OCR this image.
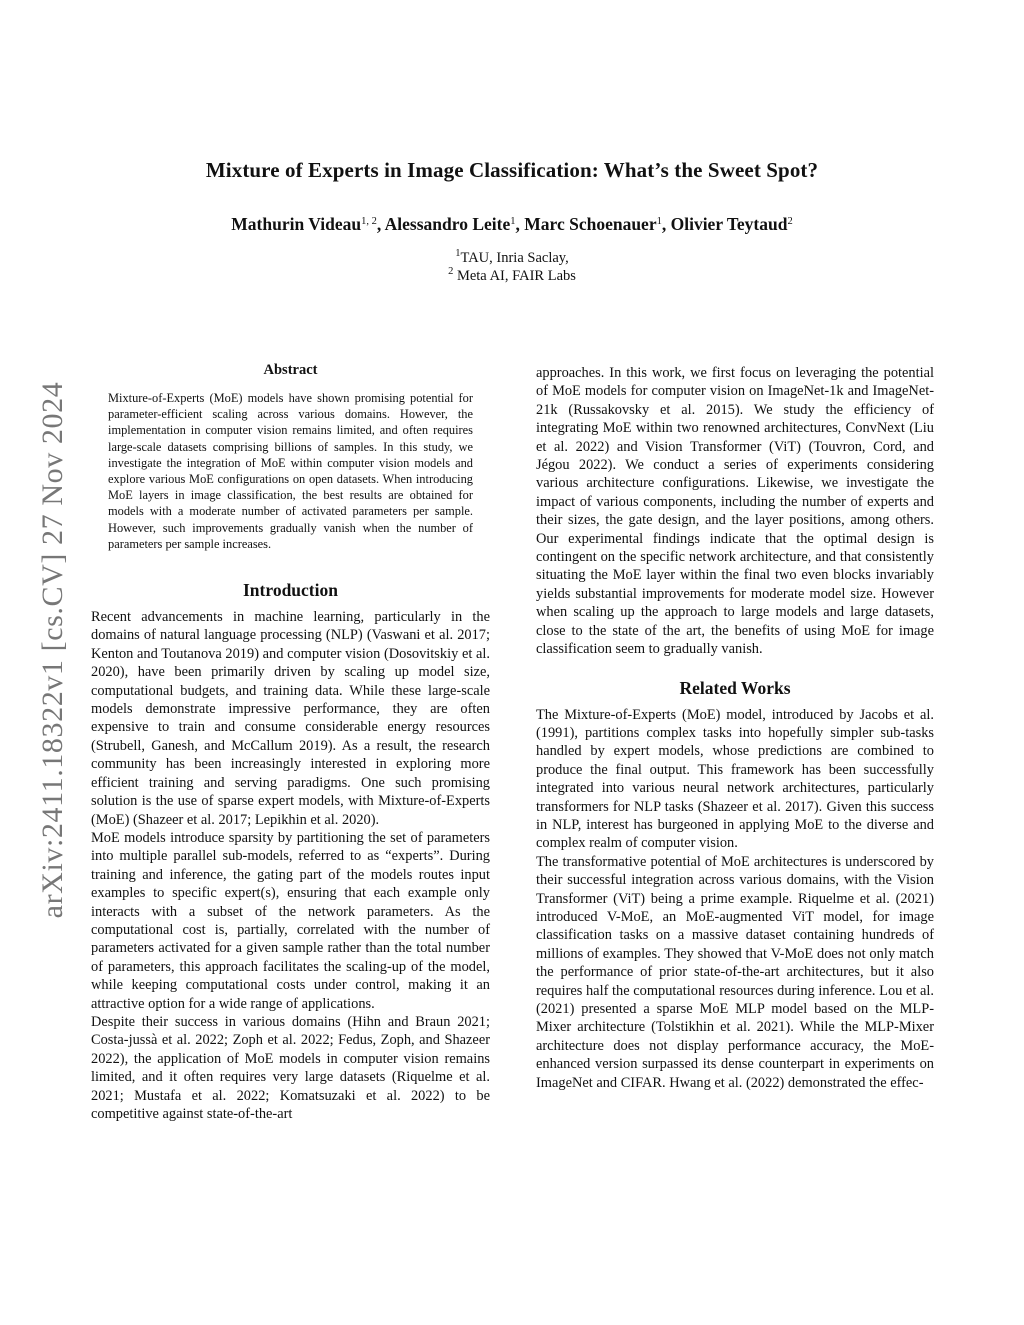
arXiv:2411.18322v1 [cs.CV] 27 Nov 2024
Mixture of Experts in Image Classification: What’s the Sweet Spot?
Mathurin Videau$^{1, 2}$, Alessandro Leite$^1$, Marc Schoenauer$^1$, Olivier Teytaud$^2$
$^1$TAU, Inria Saclay,
$^2$ Meta AI, FAIR Labs
Abstract

Mixture-of-Experts (MoE) models have shown promising potential for parameter-efficient scaling across various domains. However, the implementation in computer vision remains limited, and often requires large-scale datasets comprising billions of samples. In this study, we investigate the integration of MoE within computer vision models and explore various MoE configurations on open datasets. When introducing MoE layers in image classification, the best results are obtained for models with a moderate number of activated parameters per sample. However, such improvements gradually vanish when the number of parameters per sample increases.

Introduction

Recent advancements in machine learning, particularly in the domains of natural language processing (NLP) (Vaswani et al. 2017; Kenton and Toutanova 2019) and computer vision (Dosovitskiy et al. 2020), have been primarily driven by scaling up model size, computational budgets, and training data. While these large-scale models demonstrate impressive performance, they are often expensive to train and consume considerable energy resources (Strubell, Ganesh, and McCallum 2019). As a result, the research community has been increasingly interested in exploring more efficient training and serving paradigms. One such promising solution is the use of sparse expert models, with Mixture-of-Experts (MoE) (Shazeer et al. 2017; Lepikhin et al. 2020).

MoE models introduce sparsity by partitioning the set of parameters into multiple parallel sub-models, referred to as “experts”. During training and inference, the gating part of the models routes input examples to specific expert(s), ensuring that each example only interacts with a subset of the network parameters. As the computational cost is, partially, correlated with the number of parameters activated for a given sample rather than the total number of parameters, this approach facilitates the scaling-up of the model, while keeping computational costs under control, making it an attractive option for a wide range of applications.

Despite their success in various domains (Hihn and Braun 2021; Costa-jussà et al. 2022; Zoph et al. 2022; Fedus, Zoph, and Shazeer 2022), the application of MoE models in computer vision remains limited, and it often requires very large datasets (Riquelme et al. 2021; Mustafa et al. 2022; Komatsuzaki et al. 2022) to be competitive against state-of-the-art

approaches. In this work, we first focus on leveraging the potential of MoE models for computer vision on ImageNet-1k and ImageNet-21k (Russakovsky et al. 2015). We study the efficiency of integrating MoE within two renowned architectures, ConvNext (Liu et al. 2022) and Vision Transformer (ViT) (Touvron, Cord, and Jégou 2022). We conduct a series of experiments considering various architecture configurations. Likewise, we investigate the impact of various components, including the number of experts and their sizes, the gate design, and the layer positions, among others. Our experimental findings indicate that the optimal design is contingent on the specific network architecture, and that consistently situating the MoE layer within the final two even blocks invariably yields substantial improvements for moderate model size. However when scaling up the approach to large models and large datasets, close to the state of the art, the benefits of using MoE for image classification seem to gradually vanish.

Related Works

The Mixture-of-Experts (MoE) model, introduced by Jacobs et al. (1991), partitions complex tasks into hopefully simpler sub-tasks handled by expert models, whose predictions are combined to produce the final output. This framework has been successfully integrated into various neural network architectures, particularly transformers for NLP tasks (Shazeer et al. 2017). Given this success in NLP, interest has burgeoned in applying MoE to the diverse and complex realm of computer vision.

The transformative potential of MoE architectures is underscored by their successful integration across various domains, with the Vision Transformer (ViT) being a prime example. Riquelme et al. (2021) introduced V-MoE, an MoE-augmented ViT model, for image classification tasks on a massive dataset containing hundreds of millions of examples. They showed that V-MoE does not only match the performance of prior state-of-the-art architectures, but it also requires half the computational resources during inference. Lou et al. (2021) presented a sparse MoE MLP model based on the MLP-Mixer architecture (Tolstikhin et al. 2021). While the MLP-Mixer architecture does not display performance accuracy, the MoE-enhanced version surpassed its dense counterpart in experiments on ImageNet and CIFAR. Hwang et al. (2022) demonstrated the effec-
